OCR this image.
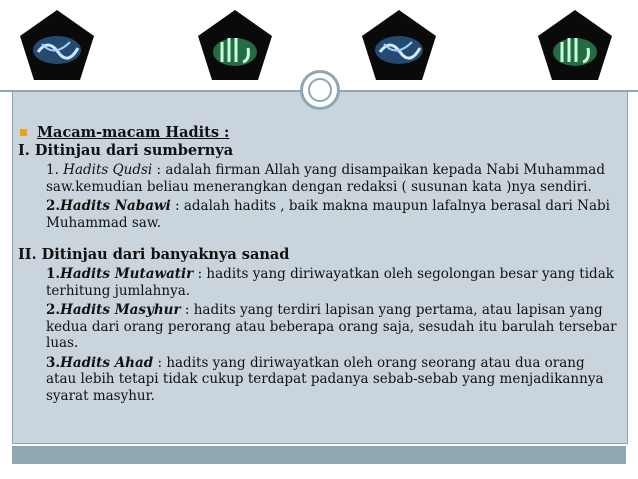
Macam-macam Hadits :
I. Ditinjau dari sumbernya
1. Hadits Qudsi : adalah firman Allah yang disampaikan kepada Nabi Muhammad saw.kemudian beliau menerangkan dengan redaksi ( susunan kata )nya sendiri.
2.Hadits Nabawi : adalah hadits , baik makna maupun lafalnya berasal dari Nabi Muhammad saw.
II. Ditinjau dari banyaknya sanad
1.Hadits Mutawatir : hadits yang diriwayatkan oleh segolongan besar yang tidak terhitung jumlahnya.
2.Hadits Masyhur : hadits yang terdiri lapisan yang pertama, atau lapisan yang kedua dari orang perorang atau beberapa orang saja, sesudah itu barulah tersebar luas.
3.Hadits Ahad : hadits yang diriwayatkan oleh orang seorang atau dua orang atau lebih tetapi tidak cukup terdapat padanya sebab-sebab yang menjadikannya syarat masyhur.
